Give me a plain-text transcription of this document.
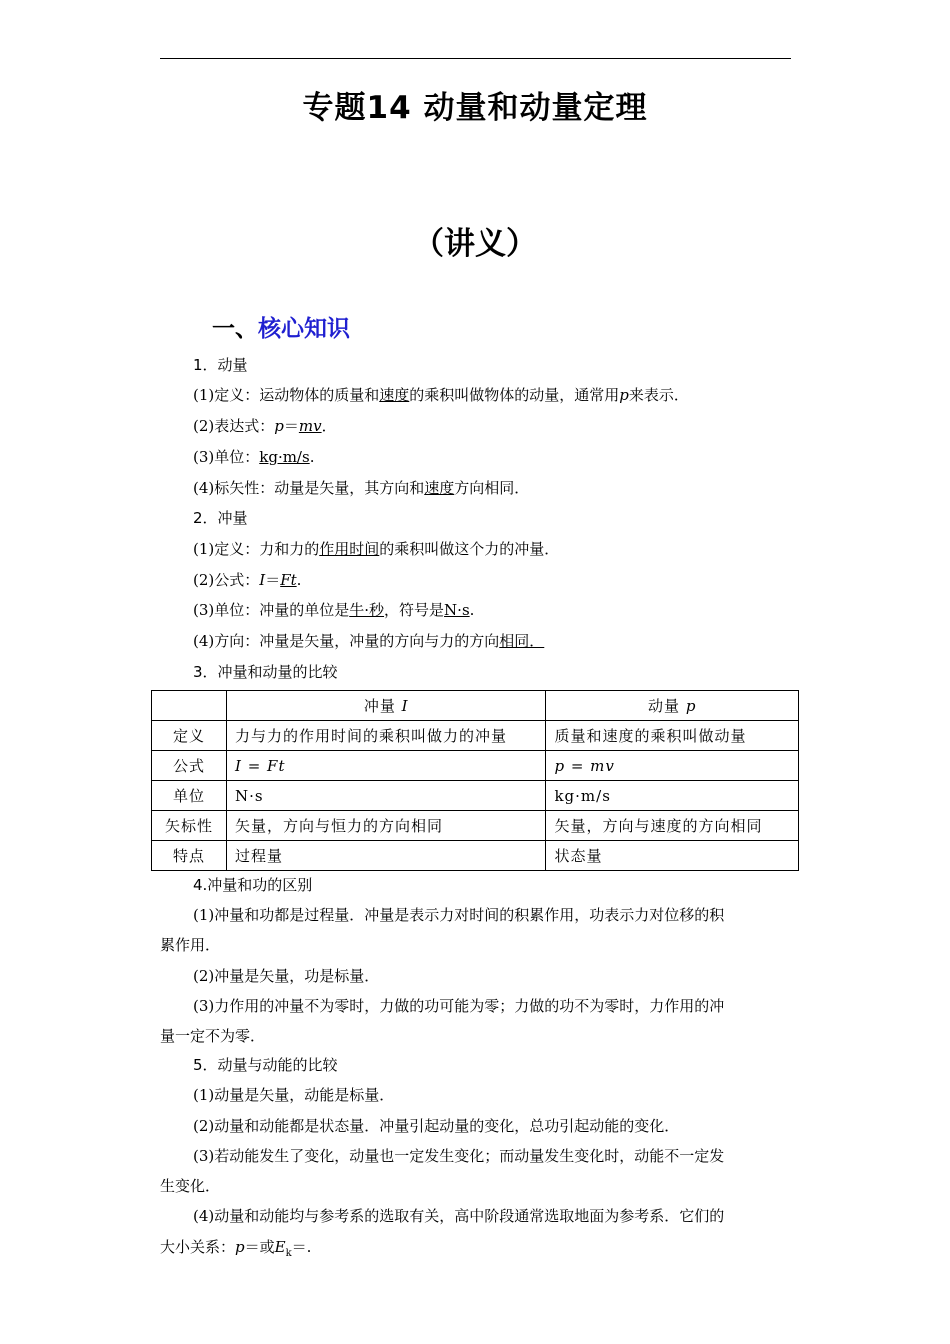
专题14 动量和动量定理
（讲义）
一、核心知识
1．动量
(1)定义：运动物体的质量和速度的乘积叫做物体的动量，通常用p来表示．
(2)表达式：p＝mv．
(3)单位：kg·m/s.
(4)标矢性：动量是矢量，其方向和速度方向相同．
2．冲量
(1)定义：力和力的作用时间的乘积叫做这个力的冲量．
(2)公式：I＝Ft.
(3)单位：冲量的单位是牛·秒，符号是N·s.
(4)方向：冲量是矢量，冲量的方向与力的方向相同．
3．冲量和动量的比较
	冲量 I	动量 p
定义	力与力的作用时间的乘积叫做力的冲量	质量和速度的乘积叫做动量
公式	I = Ft	p = mv
单位	N·s	kg·m/s
矢标性	矢量，方向与恒力的方向相同	矢量，方向与速度的方向相同
特点	过程量	状态量
4.冲量和功的区别
(1)冲量和功都是过程量．冲量是表示力对时间的积累作用，功表示力对位移的积
累作用．
(2)冲量是矢量，功是标量．
(3)力作用的冲量不为零时，力做的功可能为零；力做的功不为零时，力作用的冲
量一定不为零．
5．动量与动能的比较
(1)动量是矢量，动能是标量．
(2)动量和动能都是状态量．冲量引起动量的变化，总功引起动能的变化．
(3)若动能发生了变化，动量也一定发生变化；而动量发生变化时，动能不一定发
生变化．
(4)动量和动能均与参考系的选取有关，高中阶段通常选取地面为参考系．它们的
大小关系：p＝或$E_k=$.
